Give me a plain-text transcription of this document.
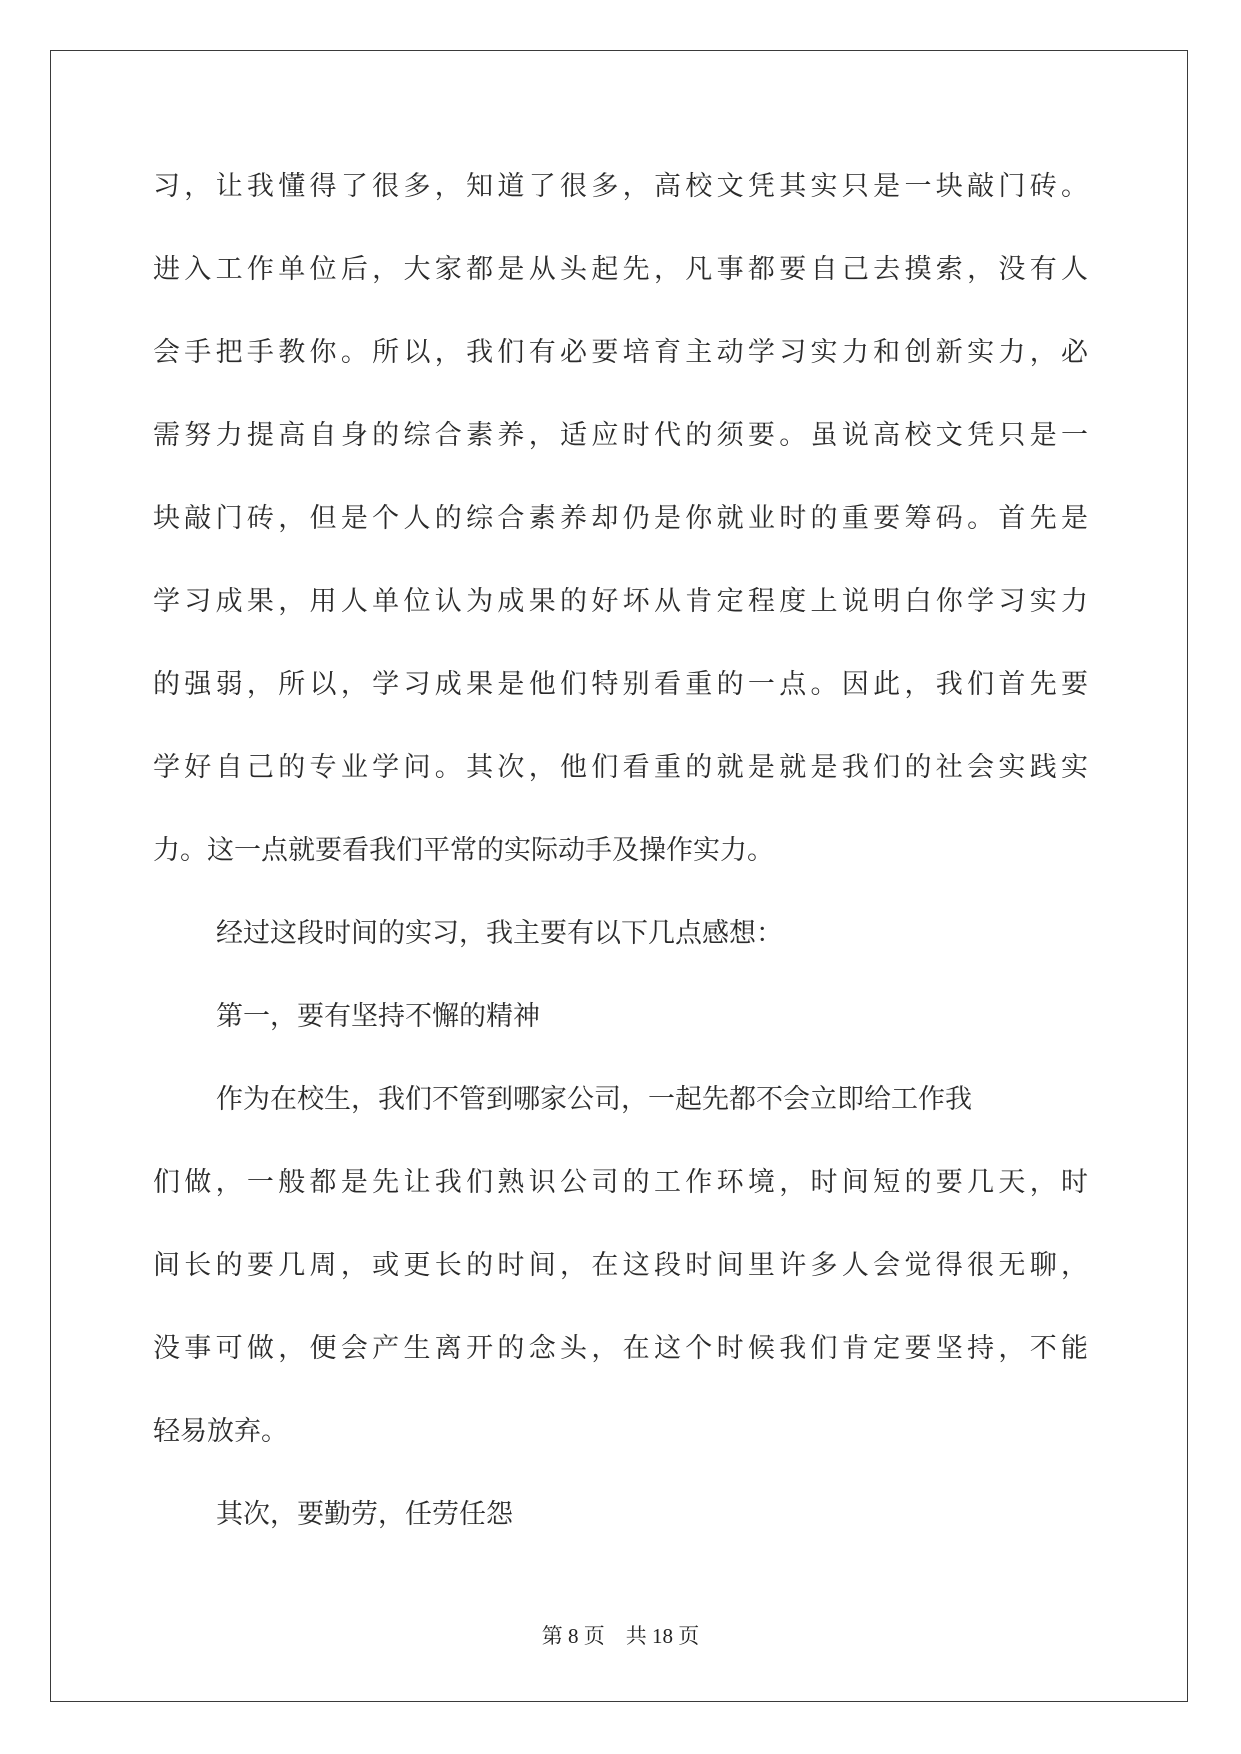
习，让我懂得了很多，知道了很多，高校文凭其实只是一块敲门砖。
进入工作单位后，大家都是从头起先，凡事都要自己去摸索，没有人
会手把手教你。所以，我们有必要培育主动学习实力和创新实力，必
需努力提高自身的综合素养，适应时代的须要。虽说高校文凭只是一
块敲门砖，但是个人的综合素养却仍是你就业时的重要筹码。首先是
学习成果，用人单位认为成果的好坏从肯定程度上说明白你学习实力
的强弱，所以，学习成果是他们特别看重的一点。因此，我们首先要
学好自己的专业学问。其次，他们看重的就是就是我们的社会实践实
力。这一点就要看我们平常的实际动手及操作实力。
经过这段时间的实习，我主要有以下几点感想：
第一，要有坚持不懈的精神
作为在校生，我们不管到哪家公司，一起先都不会立即给工作我
们做，一般都是先让我们熟识公司的工作环境，时间短的要几天，时
间长的要几周，或更长的时间，在这段时间里许多人会觉得很无聊，
没事可做，便会产生离开的念头，在这个时候我们肯定要坚持，不能
轻易放弃。
其次，要勤劳，任劳任怨
第 8 页    共 18 页
